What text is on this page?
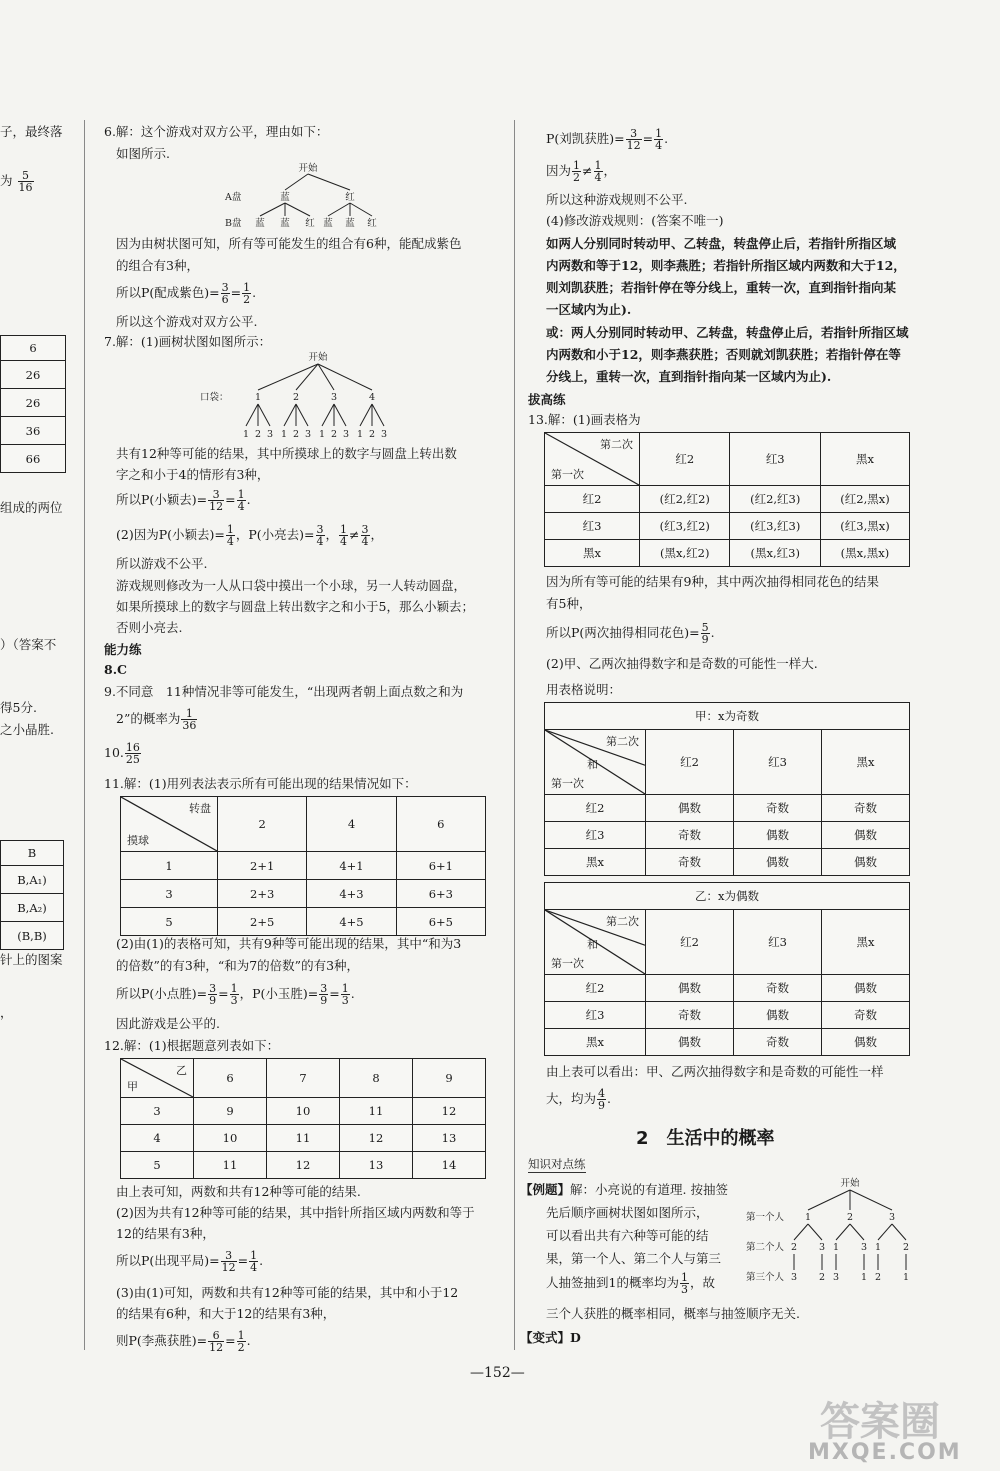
子，最终落
为 $\frac{5}{16}$
6
26
26
36
66
组成的两位
）（答案不
得5分.
之小晶胜.
B
B,A₁)
B,A₂)
(B,B)
针上的图案
，
6.解：这个游戏对双方公平，理由如下：
如图所示.
开始
A盘	蓝	红
B盘 蓝 蓝 红 蓝 蓝 红
因为由树状图可知，所有等可能发生的组合有6种，能配成紫色
的组合有3种，
所以P(配成紫色)= $\frac{3}{6} = \frac{1}{2}$ .
所以这个游戏对双方公平.
7.解：(1)画树状图如图所示：
开始
口袋：	1	2	3	4
1 2 3 1 2 3 1 2 3 1 2 3
共有12种等可能的结果，其中所摸球上的数字与圆盘上转出数
字之和小于4的情形有3种，
所以P(小颖去)= $\frac{3}{12} = \frac{1}{4}$ .
(2)因为P(小颖去)= $\frac{1}{4}$ ，P(小亮去)= $\frac{3}{4}$ ， $\frac{1}{4} \ne \frac{3}{4}$ ，
所以游戏不公平.
游戏规则修改为一人从口袋中摸出一个小球，另一人转动圆盘，
如果所摸球上的数字与圆盘上转出数字之和小于5，那么小颖去；
否则小亮去.
能力练
8.C
9.不同意　11种情况非等可能发生，“出现两者朝上面点数之和为
2”的概率为 $\frac{1}{36}$
10. $\frac{16}{25}$
11.解：(1)用列表法表示所有可能出现的结果情况如下：
转盘
摸球	2	4	6
1	2+1	4+1	6+1
3	2+3	4+3	6+3
5	2+5	4+5	6+5
(2)由(1)的表格可知，共有9种等可能出现的结果，其中“和为3
的倍数”的有3种，“和为7的倍数”的有3种，
所以P(小点胜)= $\frac{3}{9} = \frac{1}{3}$ ，P(小玉胜)= $\frac{3}{9} = \frac{1}{3}$ .
因此游戏是公平的.
12.解：(1)根据题意列表如下：
乙
甲	6	7	8	9
3	9	10	11	12
4	10	11	12	13
5	11	12	13	14
由上表可知，两数和共有12种等可能的结果.
(2)因为共有12种等可能的结果，其中指针所指区域内两数和等于
12的结果有3种，
所以P(出现平局)= $\frac{3}{12} = \frac{1}{4}$ .
(3)由(1)可知，两数和共有12种等可能的结果，其中和小于12
的结果有6种，和大于12的结果有3种，
则P(李燕获胜)= $\frac{6}{12} = \frac{1}{2}$ .
P(刘凯获胜)= $\frac{3}{12} = \frac{1}{4}$ .
因为 $\frac{1}{2} \ne \frac{1}{4}$ ，
所以这种游戏规则不公平.
(4)修改游戏规则：(答案不唯一)
如两人分别同时转动甲、乙转盘，转盘停止后，若指针所指区域
内两数和等于12，则李燕胜；若指针所指区域内两数和大于12，
则刘凯获胜；若指针停在等分线上，重转一次，直到指针指向某
一区域内为止).
或：两人分别同时转动甲、乙转盘，转盘停止后，若指针所指区域
内两数和小于12，则李燕获胜；否则就刘凯获胜；若指针停在等
分线上，重转一次，直到指针指向某一区域内为止).
拔高练
13.解：(1)画表格为
第二次
第一次	红2	红3	黑x
红2	(红2,红2)	(红2,红3)	(红2,黑x)
红3	(红3,红2)	(红3,红3)	(红3,黑x)
黑x	(黑x,红2)	(黑x,红3)	(黑x,黑x)
因为所有等可能的结果有9种，其中两次抽得相同花色的结果
有5种，
所以P(两次抽得相同花色)= $\frac{5}{9}$ .
(2)甲、乙两次抽得数字和是奇数的可能性一样大.
用表格说明：
甲：x为奇数			

第二次
和
第一次	红2	红3	黑x
红2	偶数	奇数	奇数
红3	奇数	偶数	偶数
黑x	奇数	偶数	偶数
乙：x为偶数			

第二次
和
第一次	红2	红3	黑x
红2	偶数	奇数	偶数
红3	奇数	偶数	奇数
黑x	偶数	奇数	偶数
由上表可以看出：甲、乙两次抽得数字和是奇数的可能性一样
大，均为 $\frac{4}{9}$ .
2　生活中的概率
知识对点练
【例题】解：小亮说的有道理. 按抽签
先后顺序画树状图如图所示，
可以看出共有六种等可能的结
果，第一个人、第二个人与第三
人抽签抽到1的概率均为 $\frac{1}{3}$ ，故
三个人获胜的概率相同，概率与抽签顺序无关.
开始
第一个人
第二个人
第三个人
1	2	3
2 3 1 3 1 2
3 2 3 1 2 1
【变式】D
—152—
答案圈
MXQE.COM
